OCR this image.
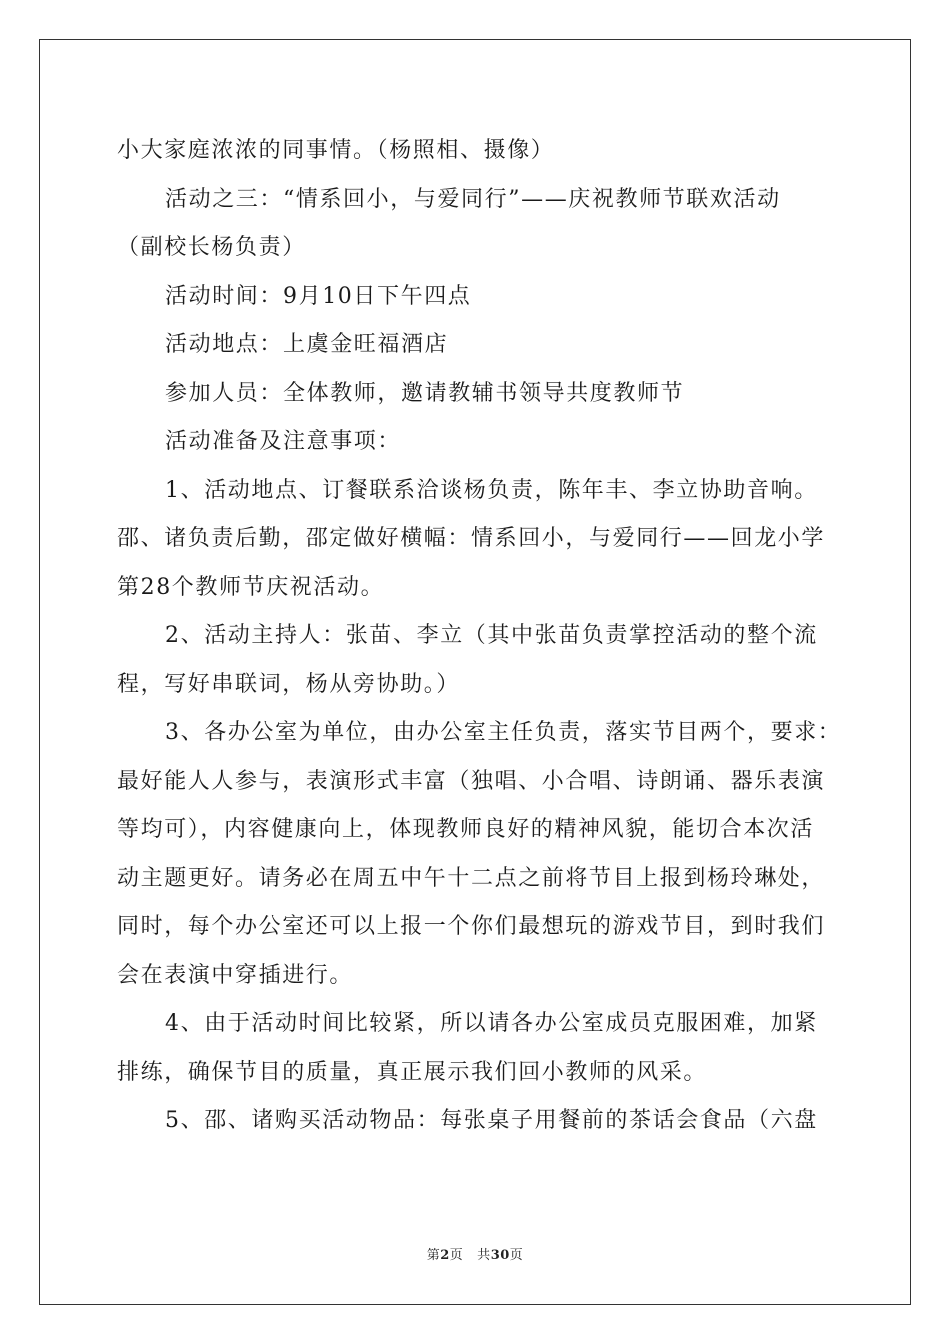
小大家庭浓浓的同事情。（杨照相、摄像）
活动之三：“情系回小，与爱同行”——庆祝教师节联欢活动
（副校长杨负责）
活动时间：9月10日下午四点
活动地点：上虞金旺福酒店
参加人员：全体教师，邀请教辅书领导共度教师节
活动准备及注意事项：
1、活动地点、订餐联系洽谈杨负责，陈年丰、李立协助音响。
邵、诸负责后勤，邵定做好横幅：情系回小，与爱同行——回龙小学
第28个教师节庆祝活动。
2、活动主持人：张苗、李立（其中张苗负责掌控活动的整个流
程，写好串联词，杨从旁协助。）
3、各办公室为单位，由办公室主任负责，落实节目两个，要求：
最好能人人参与，表演形式丰富（独唱、小合唱、诗朗诵、器乐表演
等均可），内容健康向上，体现教师良好的精神风貌，能切合本次活
动主题更好。请务必在周五中午十二点之前将节目上报到杨玲琳处，
同时，每个办公室还可以上报一个你们最想玩的游戏节目，到时我们
会在表演中穿插进行。
4、由于活动时间比较紧，所以请各办公室成员克服困难，加紧
排练，确保节目的质量，真正展示我们回小教师的风采。
5、邵、诸购买活动物品：每张桌子用餐前的茶话会食品（六盘
第2页 共30页
